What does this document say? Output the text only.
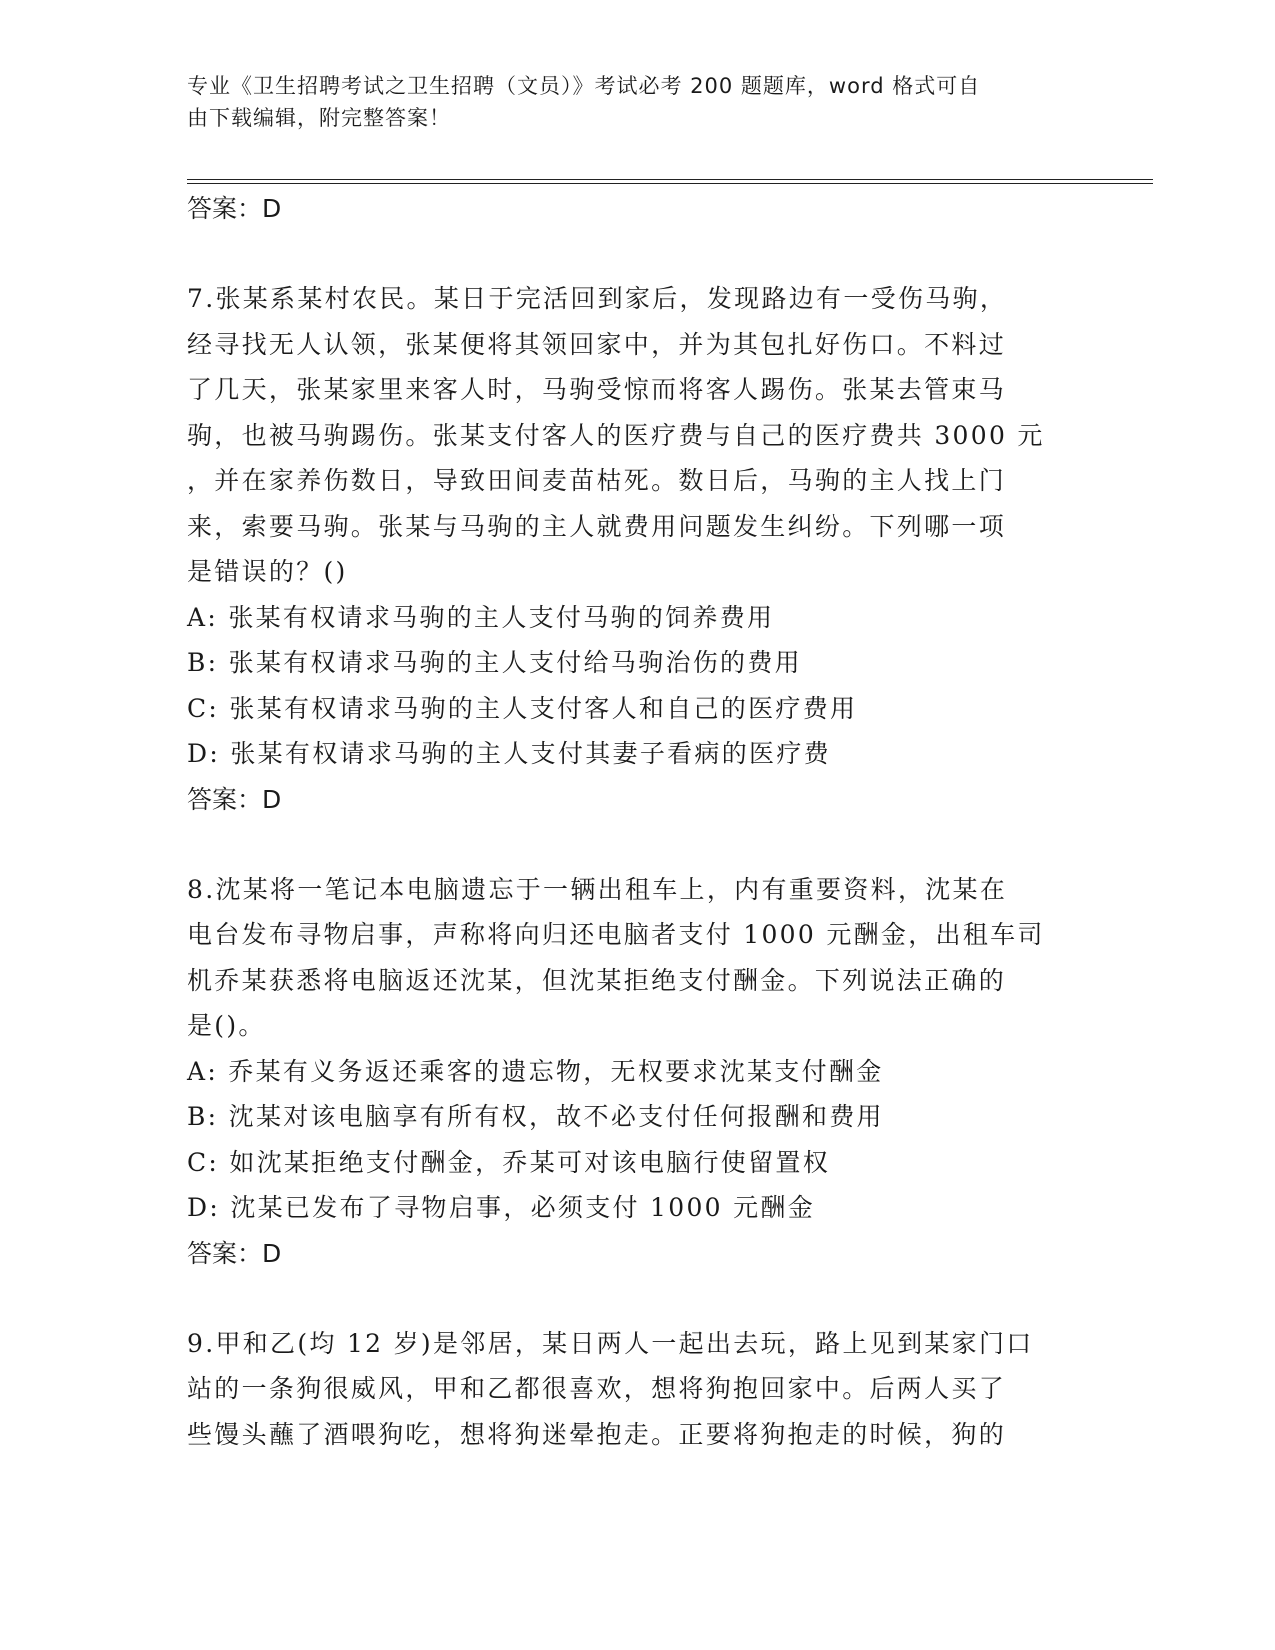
专业《卫生招聘考试之卫生招聘（文员）》考试必考 200 题题库，word 格式可自
由下载编辑，附完整答案！
答案：D
7.张某系某村农民。某日于完活回到家后，发现路边有一受伤马驹，
经寻找无人认领，张某便将其领回家中，并为其包扎好伤口。不料过
了几天，张某家里来客人时，马驹受惊而将客人踢伤。张某去管束马
驹，也被马驹踢伤。张某支付客人的医疗费与自己的医疗费共 3000 元
，并在家养伤数日，导致田间麦苗枯死。数日后，马驹的主人找上门
来，索要马驹。张某与马驹的主人就费用问题发生纠纷。下列哪一项
是错误的？()
A: 张某有权请求马驹的主人支付马驹的饲养费用
B: 张某有权请求马驹的主人支付给马驹治伤的费用
C: 张某有权请求马驹的主人支付客人和自己的医疗费用
D: 张某有权请求马驹的主人支付其妻子看病的医疗费
答案：D
8.沈某将一笔记本电脑遗忘于一辆出租车上，内有重要资料，沈某在
电台发布寻物启事，声称将向归还电脑者支付 1000 元酬金，出租车司
机乔某获悉将电脑返还沈某，但沈某拒绝支付酬金。下列说法正确的
是()。
A: 乔某有义务返还乘客的遗忘物，无权要求沈某支付酬金
B: 沈某对该电脑享有所有权，故不必支付任何报酬和费用
C: 如沈某拒绝支付酬金，乔某可对该电脑行使留置权
D: 沈某已发布了寻物启事，必须支付 1000 元酬金
答案：D
9.甲和乙(均 12 岁)是邻居，某日两人一起出去玩，路上见到某家门口
站的一条狗很威风，甲和乙都很喜欢，想将狗抱回家中。后两人买了
些馒头蘸了酒喂狗吃，想将狗迷晕抱走。正要将狗抱走的时候，狗的
